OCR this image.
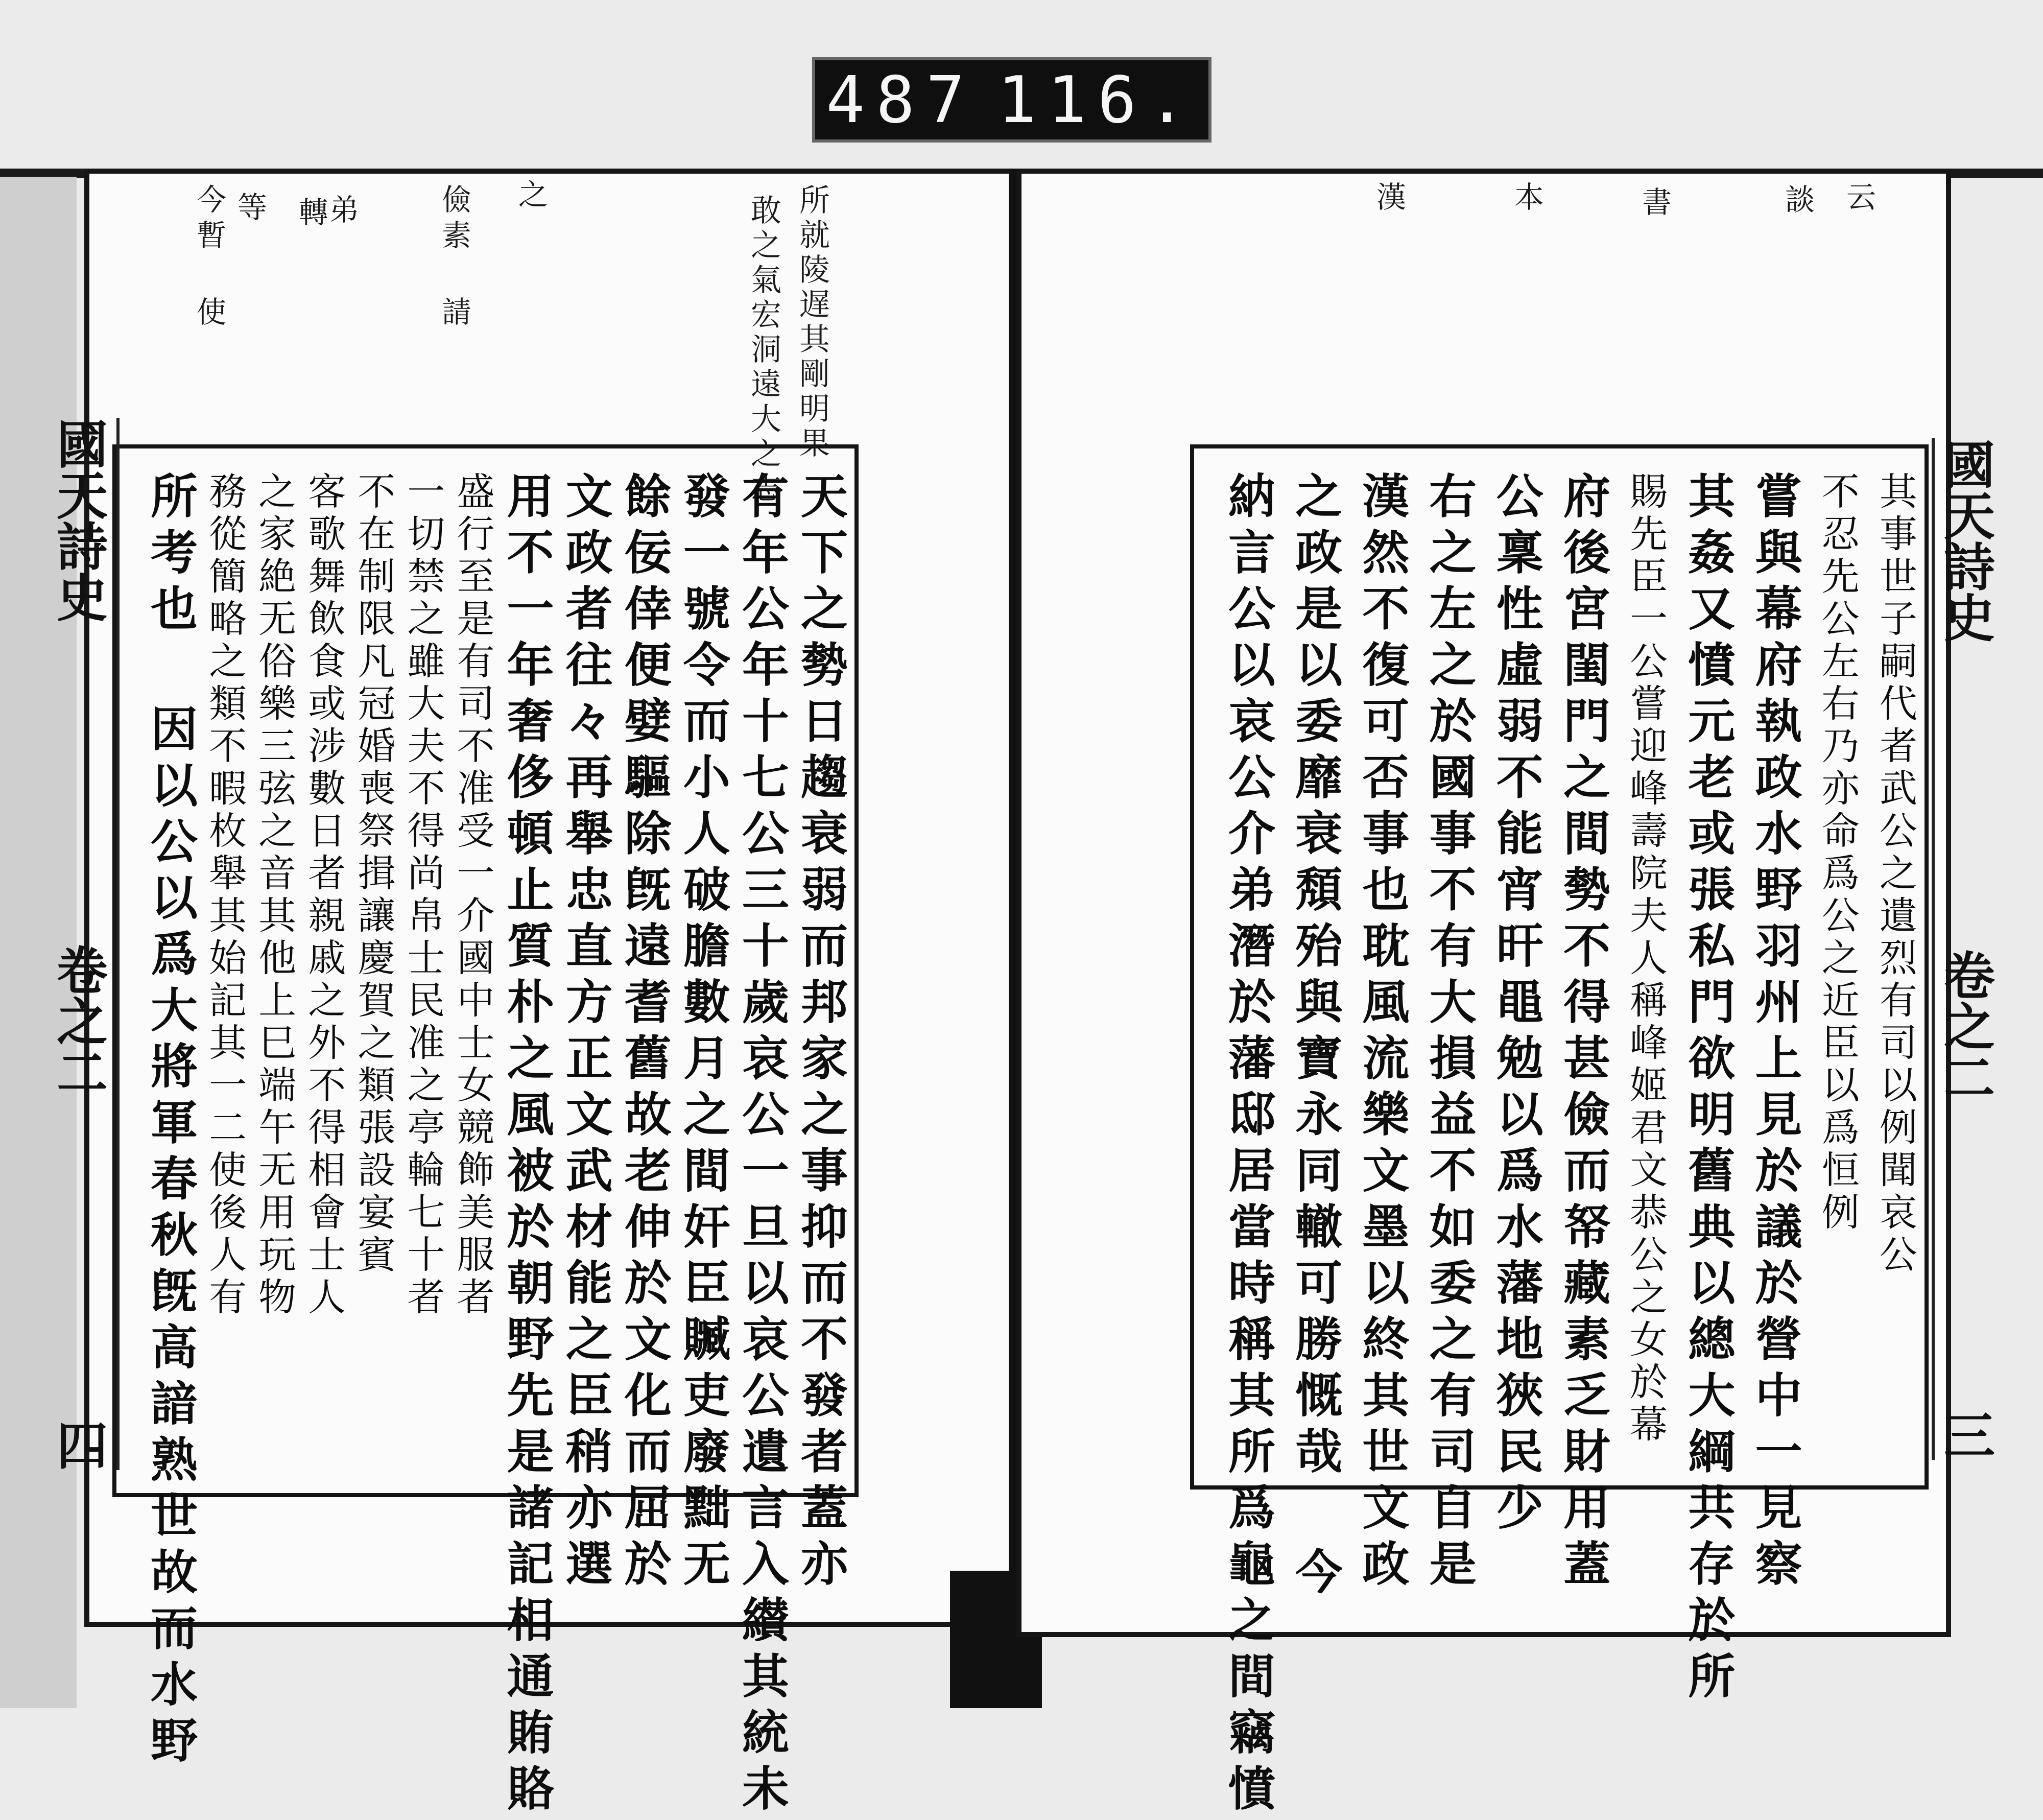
487 116.
所就陵遅其剛明果
敢之氣宏洞遠大之志
之
儉素 請
弟
轉
等
今暫 使
國天詩史
卷之二
四	天下之勢日趨衰弱而邦家之事抑而不發者蓋亦
有年公年十七公三十歲哀公一旦以哀公遺言入纉其統未
發一號令而小人破膽數月之間奸臣贓吏廢黜无
餘佞倖便嬖驅除旣遠耆舊故老伸於文化而屈於
文政者往々再舉忠直方正文武材能之臣稍亦選
用不一年奢侈頓止質朴之風被於朝野先是諸記相通賄賂
盛行至是有司不准受一介國中士女競飾美服者
一切禁之雖大夫不得尚帛士民准之亭輪七十者
不在制限凡冠婚喪祭揖讓慶賀之類張設宴賓
客歌舞飲食或涉數日者親戚之外不得相會士人
之家絶无俗樂三弦之音其他上巳端午无用玩物
務從簡略之類不暇枚舉其始記其一二使後人有
所考也 因以公以爲大將軍春秋旣高諳熟世故而水野
云
談
書
本
漢
國天詩史
卷之二
三
其事世子嗣代者武公之遺烈有司以例聞哀公
不忍先公左右乃亦命爲公之近臣以爲恒例
嘗與幕府執政水野羽州上見於議於營中一見察
其姦又憤元老或張私門欲明舊典以總大綱共存於所
賜先臣一公嘗迎峰壽院夫人稱峰姬君文恭公之女於幕
府後宮閨門之間勢不得甚儉而帑藏素乏財用蓋
公稟性虛弱不能宵旰黽勉以爲水藩地狹民少
右之左之於國事不有大損益不如委之有司自是
漢然不復可否事也耽風流樂文墨以終其世文政
之政是以委靡衰頽殆與寶永同轍可勝慨哉 今
納言公以哀公介弟潛於藩邸居當時稱其所爲龜之間竊憤
